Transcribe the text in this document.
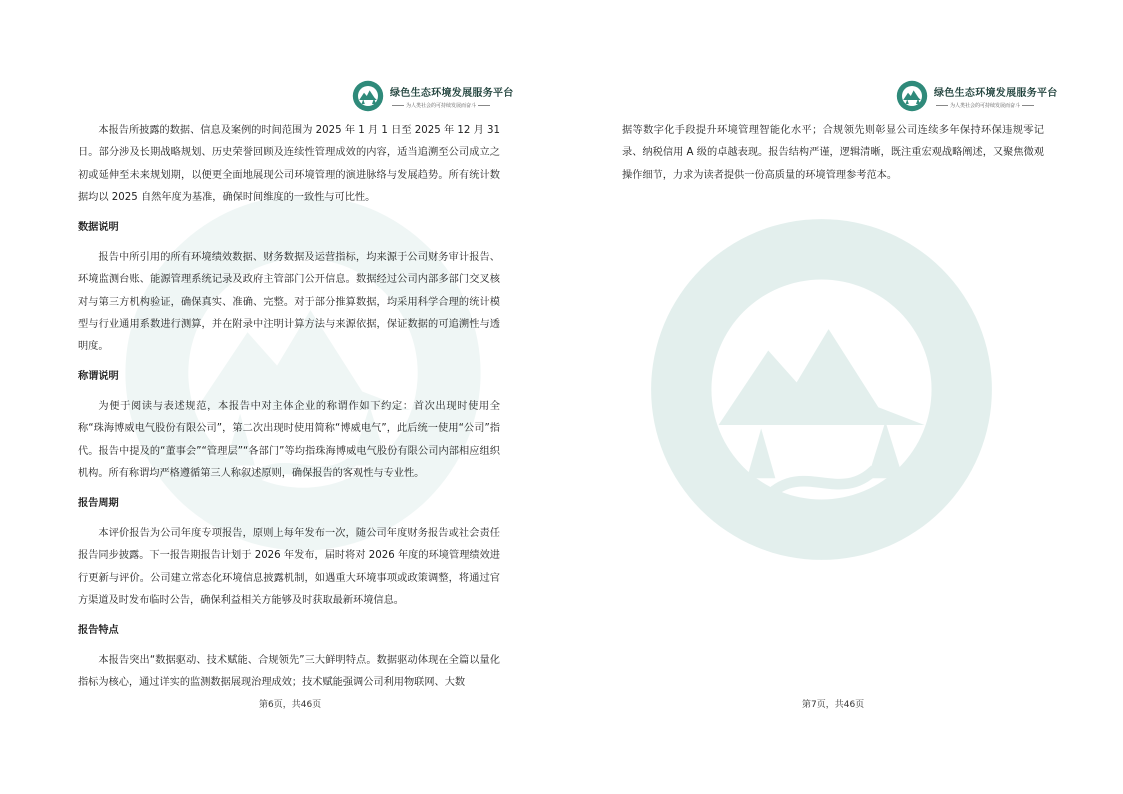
绿色生态环境发展服务平台
为人类社会的可持续发展而奋斗

本报告所披露的数据、信息及案例的时间范围为 2025 年 1 月 1 日至 2025 年 12 月 31 日。部分涉及长期战略规划、历史荣誉回顾及连续性管理成效的内容，适当追溯至公司成立之初或延伸至未来规划期，以便更全面地展现公司环境管理的演进脉络与发展趋势。所有统计数据均以 2025 自然年度为基准，确保时间维度的一致性与可比性。

数据说明

报告中所引用的所有环境绩效数据、财务数据及运营指标，均来源于公司财务审计报告、环境监测台账、能源管理系统记录及政府主管部门公开信息。数据经过公司内部多部门交叉核对与第三方机构验证，确保真实、准确、完整。对于部分推算数据，均采用科学合理的统计模型与行业通用系数进行测算，并在附录中注明计算方法与来源依据，保证数据的可追溯性与透明度。

称谓说明

为便于阅读与表述规范，本报告中对主体企业的称谓作如下约定：首次出现时使用全称“珠海博威电气股份有限公司”，第二次出现时使用简称“博威电气”，此后统一使用“公司”指代。报告中提及的“董事会”“管理层”“各部门”等均指珠海博威电气股份有限公司内部相应组织机构。所有称谓均严格遵循第三人称叙述原则，确保报告的客观性与专业性。

报告周期

本评价报告为公司年度专项报告，原则上每年发布一次，随公司年度财务报告或社会责任报告同步披露。下一报告期报告计划于 2026 年发布，届时将对 2026 年度的环境管理绩效进行更新与评价。公司建立常态化环境信息披露机制，如遇重大环境事项或政策调整，将通过官方渠道及时发布临时公告，确保利益相关方能够及时获取最新环境信息。

报告特点

本报告突出“数据驱动、技术赋能、合规领先”三大鲜明特点。数据驱动体现在全篇以量化指标为核心，通过详实的监测数据展现治理成效；技术赋能强调公司利用物联网、大数

第6页，共46页
绿色生态环境发展服务平台
为人类社会的可持续发展而奋斗

据等数字化手段提升环境管理智能化水平；合规领先则彰显公司连续多年保持环保违规零记录、纳税信用 A 级的卓越表现。报告结构严谨，逻辑清晰，既注重宏观战略阐述，又聚焦微观操作细节，力求为读者提供一份高质量的环境管理参考范本。

第7页，共46页
